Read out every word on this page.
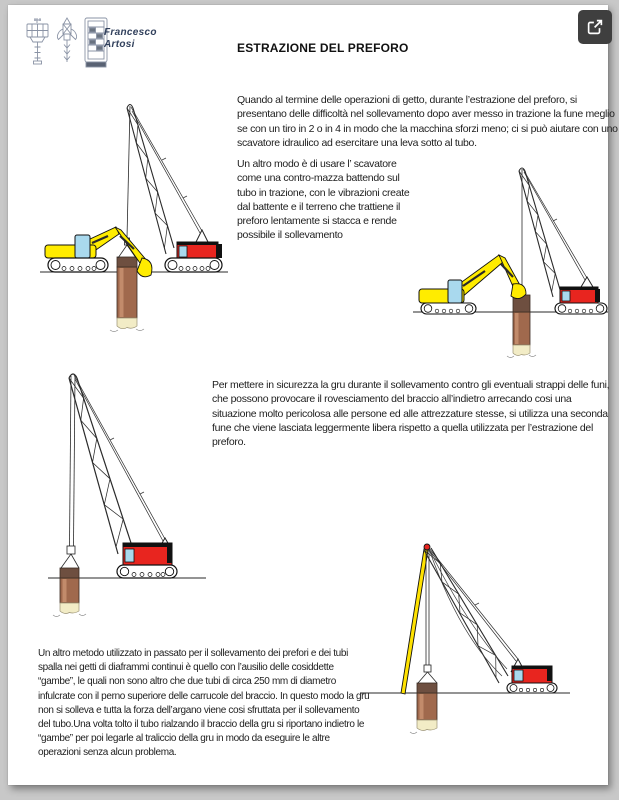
Francesco
Artosi	ESTRAZIONE DEL PREFORO

Quando al termine delle operazioni di getto, durante l’estrazione del preforo, si presentano delle difficoltà nel sollevamento dopo aver messo in trazione la fune meglio se con un tiro in 2 o in 4 in modo che la macchina sforzi meno; ci si può aiutare con uno scavatore idraulico ad esercitare una leva sotto al tubo.

Un altro modo è di usare l’ scavatore come una contro-mazza battendo sul tubo in trazione, con le vibrazioni create dal battente e il terreno che trattiene il preforo lentamente si stacca e rende possibile il sollevamento

Per mettere in sicurezza la gru durante il sollevamento contro gli eventuali strappi delle funi, che possono provocare il rovesciamento del braccio all’indietro arrecando cosi una situazione molto pericolosa alle persone ed alle attrezzature stesse, si utilizza una seconda fune che viene lasciata leggermente libera rispetto a quella utilizzata per l’estrazione del preforo.

Un altro metodo utilizzato in passato per il sollevamento dei prefori e dei tubi spalla nei getti di diaframmi continui è quello con l’ausilio delle cosiddette “gambe”, le quali non sono altro che due tubi di circa 250 mm di diametro infulcrate con il perno superiore delle carrucole del braccio. In questo modo la gru non si solleva e tutta la forza dell’argano viene cosi sfruttata per il sollevamento del tubo.Una volta tolto il tubo rialzando il braccio della gru si riportano indietro le “gambe” per poi legarle al traliccio della gru in modo da eseguire le altre operazioni senza alcun problema.
